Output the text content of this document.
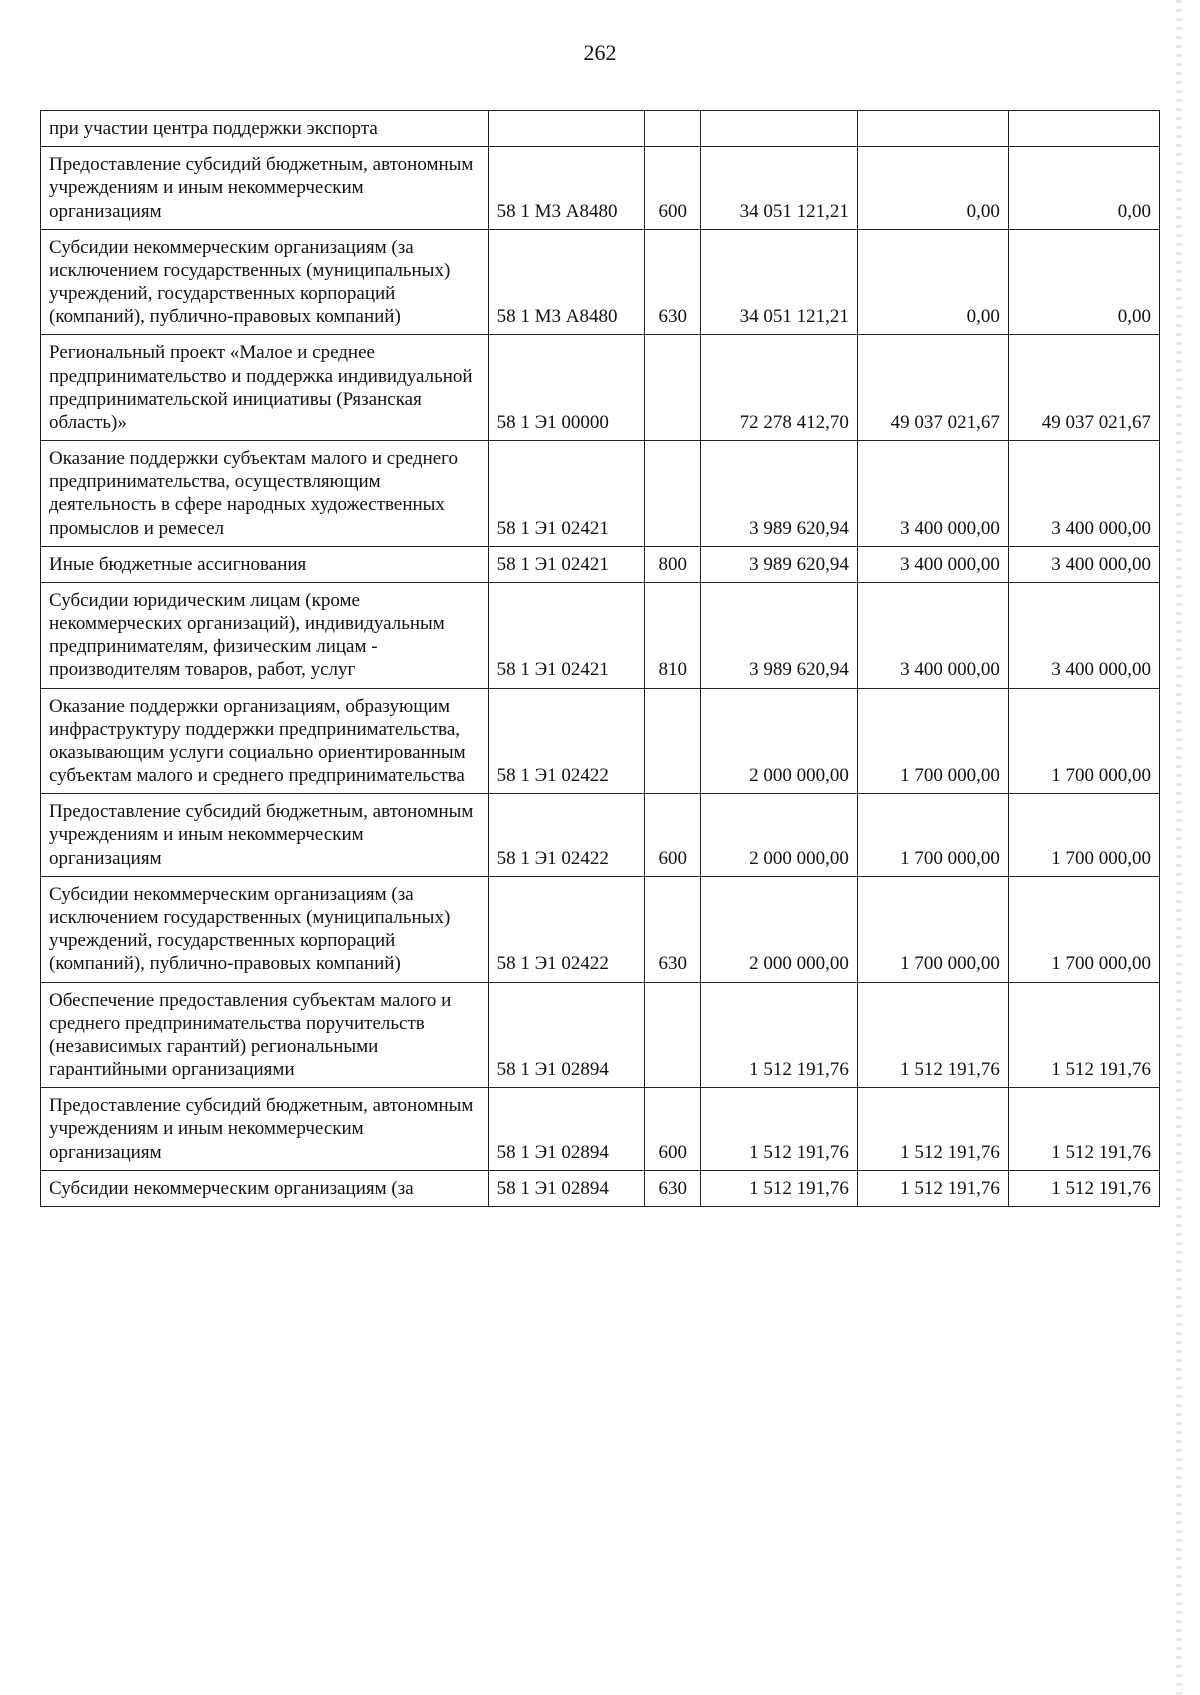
262
при участии центра поддержки экспорта					
Предоставление субсидий бюджетным, автономным учреждениям и иным некоммерческим организациям	58 1 М3 А8480	600	34 051 121,21	0,00	0,00
Субсидии некоммерческим организациям (за исключением государственных (муниципальных) учреждений, государственных корпораций (компаний), публично-правовых компаний)	58 1 М3 А8480	630	34 051 121,21	0,00	0,00
Региональный проект «Малое и среднее предпринимательство и поддержка индивидуальной предпринимательской инициативы (Рязанская область)»	58 1 Э1 00000		72 278 412,70	49 037 021,67	49 037 021,67
Оказание поддержки субъектам малого и среднего предпринимательства, осуществляющим деятельность в сфере народных художественных промыслов и ремесел	58 1 Э1 02421		3 989 620,94	3 400 000,00	3 400 000,00
Иные бюджетные ассигнования	58 1 Э1 02421	800	3 989 620,94	3 400 000,00	3 400 000,00
Субсидии юридическим лицам (кроме некоммерческих организаций), индивидуальным предпринимателям, физическим лицам - производителям товаров, работ, услуг	58 1 Э1 02421	810	3 989 620,94	3 400 000,00	3 400 000,00
Оказание поддержки организациям, образующим инфраструктуру поддержки предпринимательства, оказывающим услуги социально ориентированным субъектам малого и среднего предпринимательства	58 1 Э1 02422		2 000 000,00	1 700 000,00	1 700 000,00
Предоставление субсидий бюджетным, автономным учреждениям и иным некоммерческим организациям	58 1 Э1 02422	600	2 000 000,00	1 700 000,00	1 700 000,00
Субсидии некоммерческим организациям (за исключением государственных (муниципальных) учреждений, государственных корпораций (компаний), публично-правовых компаний)	58 1 Э1 02422	630	2 000 000,00	1 700 000,00	1 700 000,00
Обеспечение предоставления субъектам малого и среднего предпринимательства поручительств (независимых гарантий) региональными гарантийными организациями	58 1 Э1 02894		1 512 191,76	1 512 191,76	1 512 191,76
Предоставление субсидий бюджетным, автономным учреждениям и иным некоммерческим организациям	58 1 Э1 02894	600	1 512 191,76	1 512 191,76	1 512 191,76
Субсидии некоммерческим организациям (за	58 1 Э1 02894	630	1 512 191,76	1 512 191,76	1 512 191,76
